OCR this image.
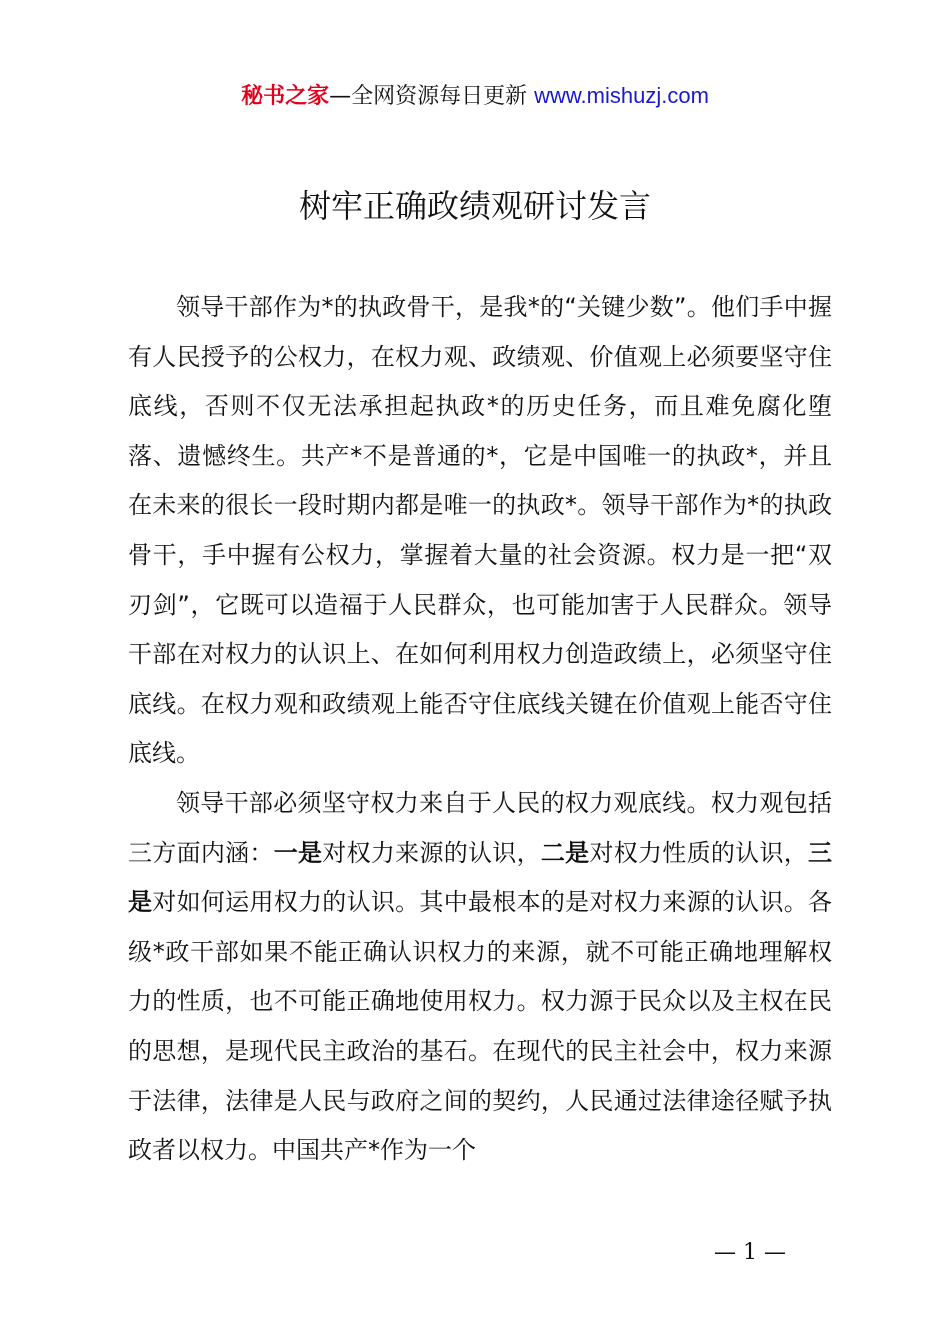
秘书之家—全网资源每日更新 www.mishuzj.com
树牢正确政绩观研讨发言

领导干部作为*的执政骨干，是我*的“关键少数”。他们手中握有人民授予的公权力，在权力观、政绩观、价值观上必须要坚守住底线，否则不仅无法承担起执政*的历史任务，而且难免腐化堕落、遗憾终生。共产*不是普通的*，它是中国唯一的执政*，并且在未来的很长一段时期内都是唯一的执政*。领导干部作为*的执政骨干，手中握有公权力，掌握着大量的社会资源。权力是一把“双刃剑”，它既可以造福于人民群众，也可能加害于人民群众。领导干部在对权力的认识上、在如何利用权力创造政绩上，必须坚守住底线。在权力观和政绩观上能否守住底线关键在价值观上能否守住底线。

领导干部必须坚守权力来自于人民的权力观底线。权力观包括三方面内涵：一是对权力来源的认识，二是对权力性质的认识，三是对如何运用权力的认识。其中最根本的是对权力来源的认识。各级*政干部如果不能正确认识权力的来源，就不可能正确地理解权力的性质，也不可能正确地使用权力。权力源于民众以及主权在民的思想，是现代民主政治的基石。在现代的民主社会中，权力来源于法律，法律是人民与政府之间的契约，人民通过法律途径赋予执政者以权力。中国共产*作为一个

— 1 —
